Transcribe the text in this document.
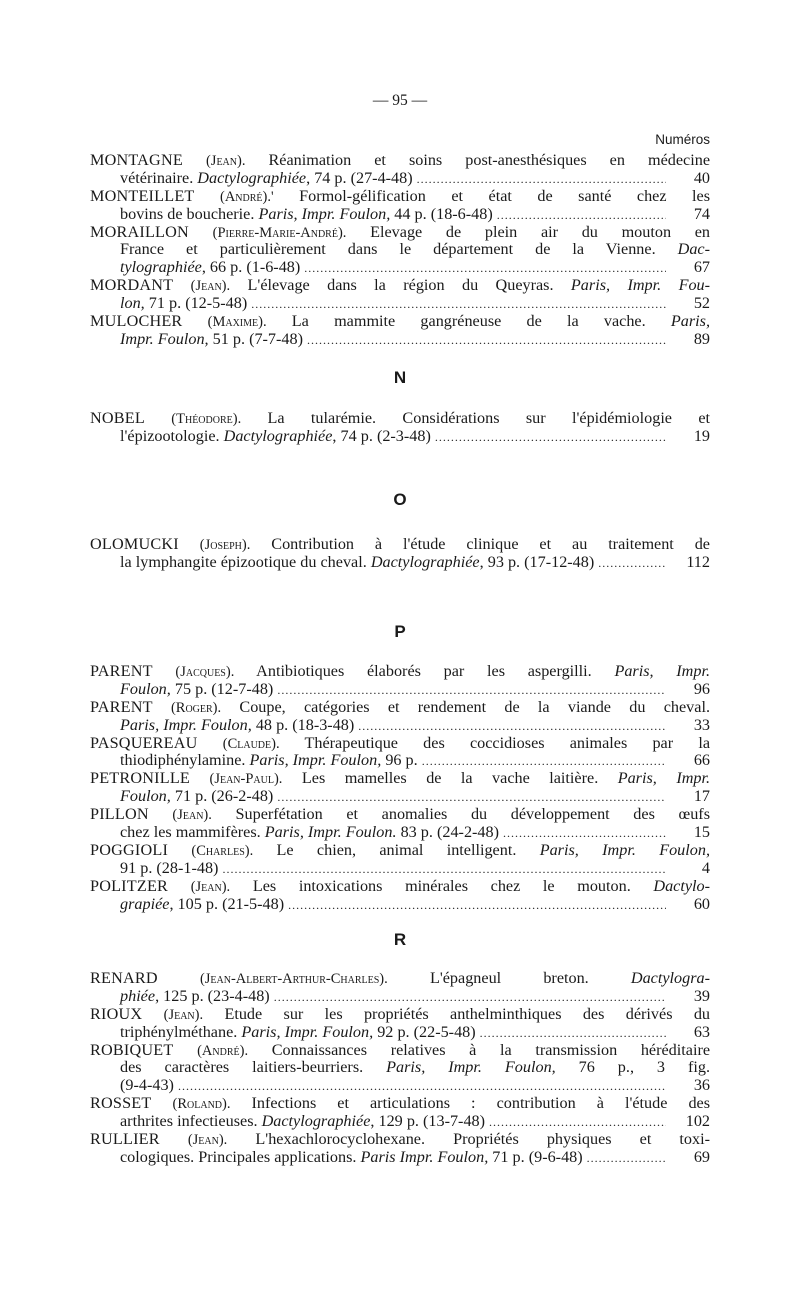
— 95 —
Numéros
MONTAGNE (Jean). Réanimation et soins post-anesthésiques en médecine
vétérinaire. Dactylographiée, 74 p. (27-4-48) .....	40
MONTEILLET (André).' Formol-gélification et état de santé chez les
bovins de boucherie. Paris, Impr. Foulon, 44 p. (18-6-48) .....	74
MORAILLON (Pierre-Marie-André). Elevage de plein air du mouton en
France et particulièrement dans le département de la Vienne. Dac-
tylographiée, 66 p. (1-6-48) .....	67
MORDANT (Jean). L'élevage dans la région du Queyras. Paris, Impr. Fou-
lon, 71 p. (12-5-48) .....	52
MULOCHER (Maxime). La mammite gangréneuse de la vache. Paris,
Impr. Foulon, 51 p. (7-7-48) .....	89
N
NOBEL (Théodore). La tularémie. Considérations sur l'épidémiologie et
l'épizootologie. Dactylographiée, 74 p. (2-3-48) .....	19
O
OLOMUCKI (Joseph). Contribution à l'étude clinique et au traitement de
la lymphangite épizootique du cheval. Dactylographiée, 93 p. (17-12-48) .....	112
P
PARENT (Jacques). Antibiotiques élaborés par les aspergilli. Paris, Impr.
Foulon, 75 p. (12-7-48) .....	96
PARENT (Roger). Coupe, catégories et rendement de la viande du cheval.
Paris, Impr. Foulon, 48 p. (18-3-48) .....	33
PASQUEREAU (Claude). Thérapeutique des coccidioses animales par la
thiodiphénylamine. Paris, Impr. Foulon, 96 p. .....	66
PETRONILLE (Jean-Paul). Les mamelles de la vache laitière. Paris, Impr.
Foulon, 71 p. (26-2-48) .....	17
PILLON (Jean). Superfétation et anomalies du développement des œufs
chez les mammifères. Paris, Impr. Foulon. 83 p. (24-2-48) .....	15
POGGIOLI (Charles). Le chien, animal intelligent. Paris, Impr. Foulon,
91 p. (28-1-48) .....	4
POLITZER (Jean). Les intoxications minérales chez le mouton. Dactylo-
grapiée, 105 p. (21-5-48) .....	60
R
RENARD	(Jean-Albert-Arthur-Charles).	L'épagneul breton. Dactylogra-
phiée, 125 p. (23-4-48) .....	39
RIOUX (Jean). Etude sur les propriétés anthelminthiques des dérivés du
triphénylméthane. Paris, Impr. Foulon, 92 p. (22-5-48) .....	63
ROBIQUET (André). Connaissances relatives à la transmission héréditaire
des caractères laitiers-beurriers. Paris, Impr. Foulon, 76 p., 3 fig.
(9-4-43) .....	36
ROSSET (Roland). Infections et articulations : contribution à l'étude des
arthrites infectieuses. Dactylographiée, 129 p. (13-7-48) .....	102
RULLIER (Jean). L'hexachlorocyclohexane. Propriétés physiques et toxi-
cologiques. Principales applications. Paris Impr. Foulon, 71 p. (9-6-48) .....	69
